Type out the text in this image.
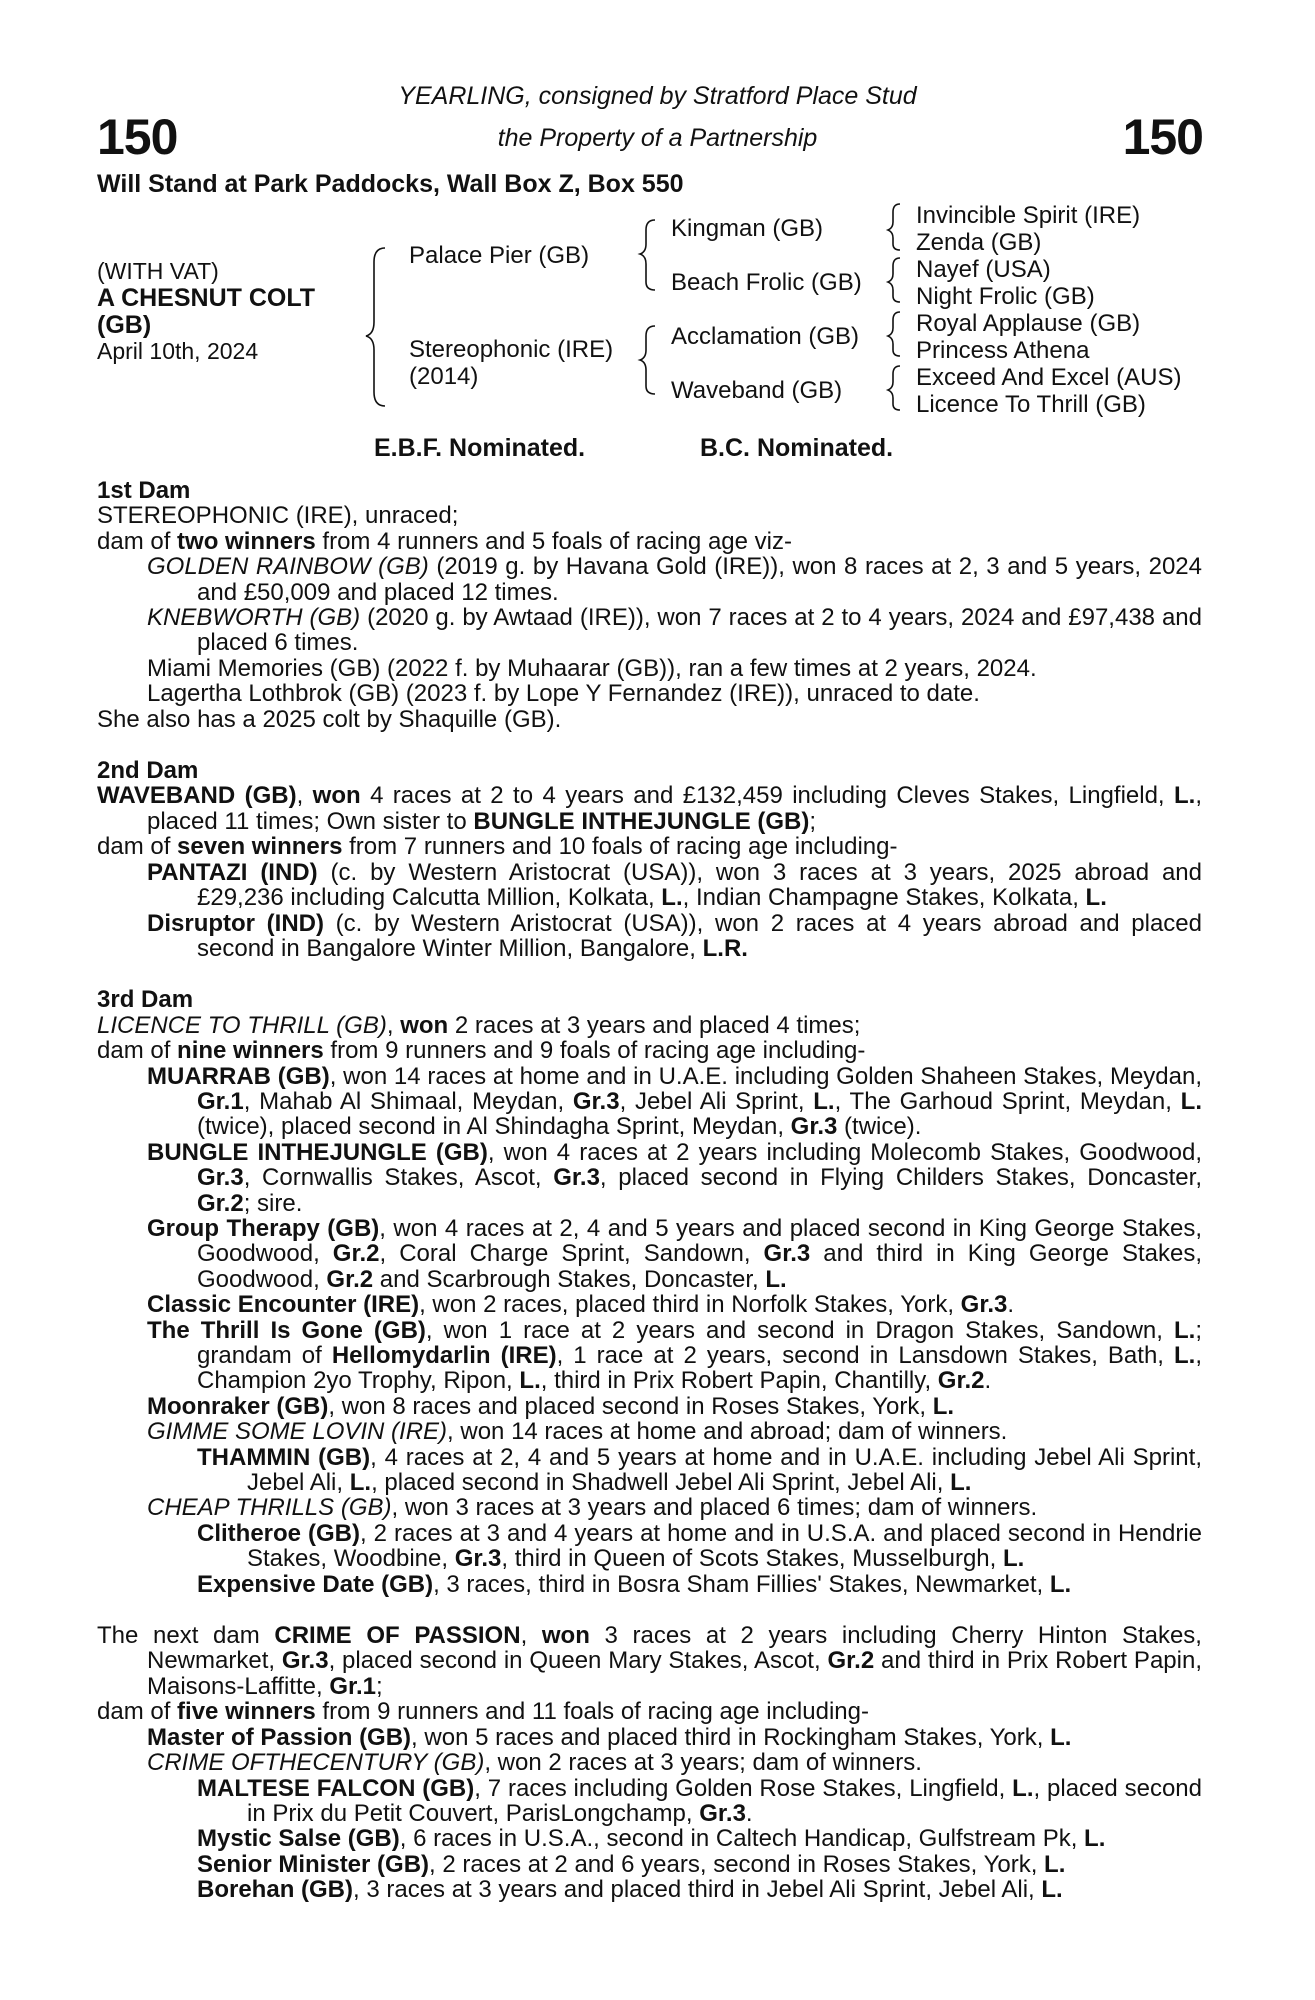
150	150
YEARLING, consigned by Stratford Place Stud
the Property of a Partnership
Will Stand at Park Paddocks, Wall Box Z, Box 550
(WITH VAT)
A CHESNUT COLT
(GB)
April 10th, 2024
Palace Pier (GB)
Stereophonic (IRE)
(2014)
Kingman (GB)
Beach Frolic (GB)
Acclamation (GB)
Waveband (GB)
Invincible Spirit (IRE)
Zenda (GB)
Nayef (USA)
Night Frolic (GB)
Royal Applause (GB)
Princess Athena
Exceed And Excel (AUS)
Licence To Thrill (GB)
E.B.F. Nominated.	B.C. Nominated.
1st Dam
STEREOPHONIC (IRE), unraced;
dam of two winners from 4 runners and 5 foals of racing age viz-
GOLDEN RAINBOW (GB) (2019 g. by Havana Gold (IRE)), won 8 races at 2, 3 and 5 years, 2024 and £50,009 and placed 12 times.
KNEBWORTH (GB) (2020 g. by Awtaad (IRE)), won 7 races at 2 to 4 years, 2024 and £97,438 and placed 6 times.
Miami Memories (GB) (2022 f. by Muhaarar (GB)), ran a few times at 2 years, 2024.
Lagertha Lothbrok (GB) (2023 f. by Lope Y Fernandez (IRE)), unraced to date.
She also has a 2025 colt by Shaquille (GB).
2nd Dam
WAVEBAND (GB), won 4 races at 2 to 4 years and £132,459 including Cleves Stakes, Lingfield, L., placed 11 times; Own sister to BUNGLE INTHEJUNGLE (GB);
dam of seven winners from 7 runners and 10 foals of racing age including-
PANTAZI (IND) (c. by Western Aristocrat (USA)), won 3 races at 3 years, 2025 abroad and £29,236 including Calcutta Million, Kolkata, L., Indian Champagne Stakes, Kolkata, L.
Disruptor (IND) (c. by Western Aristocrat (USA)), won 2 races at 4 years abroad and placed second in Bangalore Winter Million, Bangalore, L.R.
3rd Dam
LICENCE TO THRILL (GB), won 2 races at 3 years and placed 4 times;
dam of nine winners from 9 runners and 9 foals of racing age including-
MUARRAB (GB), won 14 races at home and in U.A.E. including Golden Shaheen Stakes, Meydan, Gr.1, Mahab Al Shimaal, Meydan, Gr.3, Jebel Ali Sprint, L., The Garhoud Sprint, Meydan, L. (twice), placed second in Al Shindagha Sprint, Meydan, Gr.3 (twice).
BUNGLE INTHEJUNGLE (GB), won 4 races at 2 years including Molecomb Stakes, Goodwood, Gr.3, Cornwallis Stakes, Ascot, Gr.3, placed second in Flying Childers Stakes, Doncaster, Gr.2; sire.
Group Therapy (GB), won 4 races at 2, 4 and 5 years and placed second in King George Stakes, Goodwood, Gr.2, Coral Charge Sprint, Sandown, Gr.3 and third in King George Stakes, Goodwood, Gr.2 and Scarbrough Stakes, Doncaster, L.
Classic Encounter (IRE), won 2 races, placed third in Norfolk Stakes, York, Gr.3.
The Thrill Is Gone (GB), won 1 race at 2 years and second in Dragon Stakes, Sandown, L.; grandam of Hellomydarlin (IRE), 1 race at 2 years, second in Lansdown Stakes, Bath, L., Champion 2yo Trophy, Ripon, L., third in Prix Robert Papin, Chantilly, Gr.2.
Moonraker (GB), won 8 races and placed second in Roses Stakes, York, L.
GIMME SOME LOVIN (IRE), won 14 races at home and abroad; dam of winners.
THAMMIN (GB), 4 races at 2, 4 and 5 years at home and in U.A.E. including Jebel Ali Sprint, Jebel Ali, L., placed second in Shadwell Jebel Ali Sprint, Jebel Ali, L.
CHEAP THRILLS (GB), won 3 races at 3 years and placed 6 times; dam of winners.
Clitheroe (GB), 2 races at 3 and 4 years at home and in U.S.A. and placed second in Hendrie Stakes, Woodbine, Gr.3, third in Queen of Scots Stakes, Musselburgh, L.
Expensive Date (GB), 3 races, third in Bosra Sham Fillies' Stakes, Newmarket, L.
The next dam CRIME OF PASSION, won 3 races at 2 years including Cherry Hinton Stakes, Newmarket, Gr.3, placed second in Queen Mary Stakes, Ascot, Gr.2 and third in Prix Robert Papin, Maisons-Laffitte, Gr.1;
dam of five winners from 9 runners and 11 foals of racing age including-
Master of Passion (GB), won 5 races and placed third in Rockingham Stakes, York, L.
CRIME OFTHECENTURY (GB), won 2 races at 3 years; dam of winners.
MALTESE FALCON (GB), 7 races including Golden Rose Stakes, Lingfield, L., placed second in Prix du Petit Couvert, ParisLongchamp, Gr.3.
Mystic Salse (GB), 6 races in U.S.A., second in Caltech Handicap, Gulfstream Pk, L.
Senior Minister (GB), 2 races at 2 and 6 years, second in Roses Stakes, York, L.
Borehan (GB), 3 races at 3 years and placed third in Jebel Ali Sprint, Jebel Ali, L.
